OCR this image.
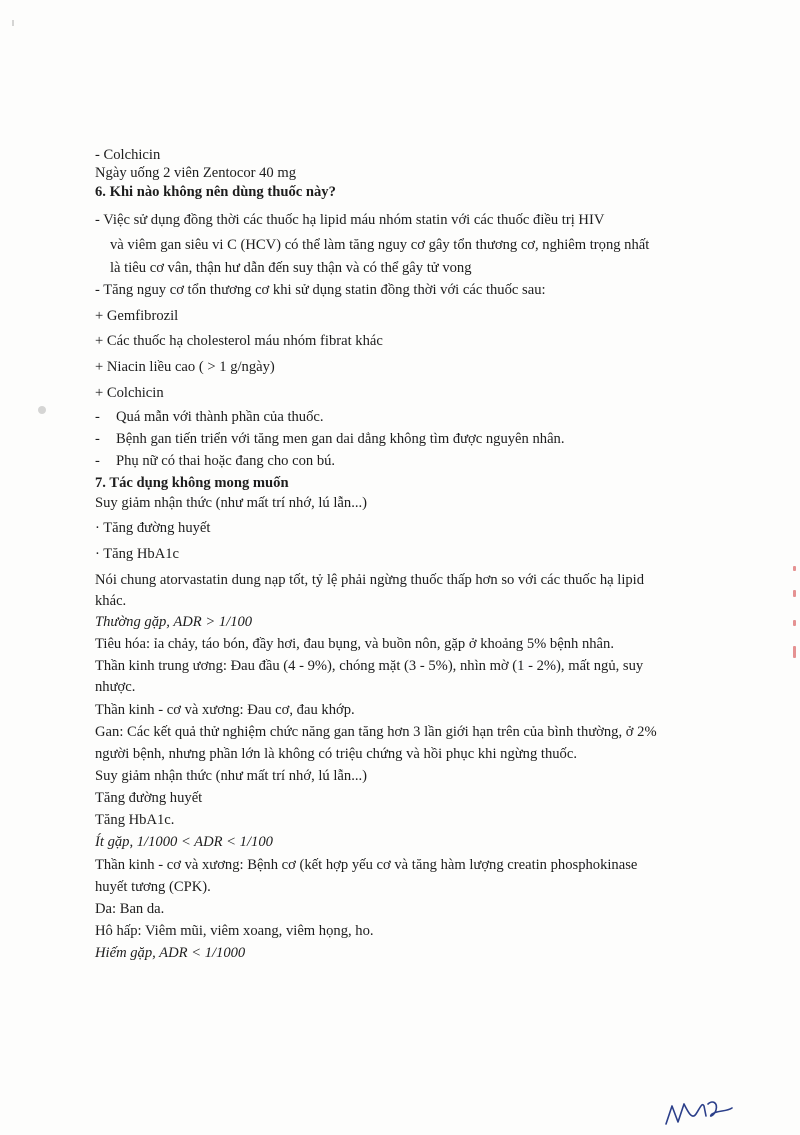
- Colchicin
Ngày uống 2 viên Zentocor 40 mg
6. Khi nào không nên dùng thuốc này?
- Việc sử dụng đồng thời các thuốc hạ lipid máu nhóm statin với các thuốc điều trị HIV
và viêm gan siêu vi C (HCV) có thể làm tăng nguy cơ gây tổn thương cơ, nghiêm trọng nhất
là tiêu cơ vân, thận hư dẫn đến suy thận và có thể gây tử vong
- Tăng nguy cơ tổn thương cơ khi sử dụng statin đồng thời với các thuốc sau:
+ Gemfibrozil
+ Các thuốc hạ cholesterol máu nhóm fibrat khác
+ Niacin liều cao ( > 1 g/ngày)
+ Colchicin
- Quá mẫn với thành phần của thuốc.
- Bệnh gan tiến triển với tăng men gan dai dẳng không tìm được nguyên nhân.
- Phụ nữ có thai hoặc đang cho con bú.
7. Tác dụng không mong muốn
Suy giảm nhận thức (như mất trí nhớ, lú lẫn...)
· Tăng đường huyết
· Tăng HbA1c
Nói chung atorvastatin dung nạp tốt, tỷ lệ phải ngừng thuốc thấp hơn so với các thuốc hạ lipid
khác.
Thường gặp, ADR > 1/100
Tiêu hóa: ỉa chảy, táo bón, đầy hơi, đau bụng, và buồn nôn, gặp ở khoảng 5% bệnh nhân.
Thần kinh trung ương: Đau đầu (4 - 9%), chóng mặt (3 - 5%), nhìn mờ (1 - 2%), mất ngủ, suy
nhược.
Thần kinh - cơ và xương: Đau cơ, đau khớp.
Gan: Các kết quả thử nghiệm chức năng gan tăng hơn 3 lần giới hạn trên của bình thường, ở 2%
người bệnh, nhưng phần lớn là không có triệu chứng và hồi phục khi ngừng thuốc.
Suy giảm nhận thức (như mất trí nhớ, lú lẫn...)
Tăng đường huyết
Tăng HbA1c.
Ít gặp, 1/1000 < ADR < 1/100
Thần kinh - cơ và xương: Bệnh cơ (kết hợp yếu cơ và tăng hàm lượng creatin phosphokinase
huyết tương (CPK).
Da: Ban da.
Hô hấp: Viêm mũi, viêm xoang, viêm họng, ho.
Hiếm gặp, ADR < 1/1000
